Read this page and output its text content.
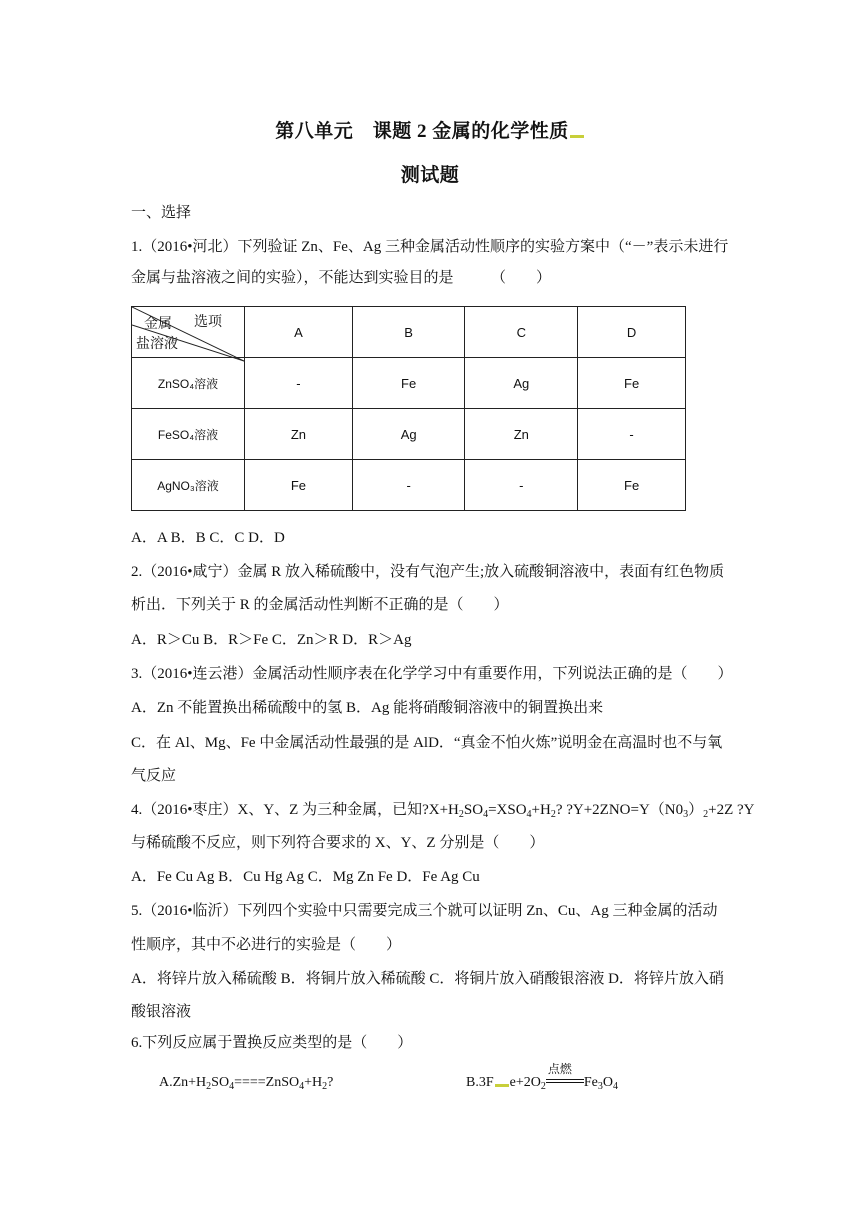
第八单元　课题 2 金属的化学性质
测试题
一、选择
1.（2016•河北）下列验证 Zn、Fe、Ag 三种金属活动性顺序的实验方案中（“－”表示未进行
金属与盐溶液之间的实验），不能达到实验目的是　　　（　　）
金属 选项
盐溶液	A	B	C	D
ZnSO₄溶液	-	Fe	Ag	Fe
FeSO₄溶液	Zn	Ag	Zn	-
AgNO₃溶液	Fe	-	-	Fe
A．A B．B C．C D．D
2.（2016•咸宁）金属 R 放入稀硫酸中，没有气泡产生;放入硫酸铜溶液中，表面有红色物质
析出．下列关于 R 的金属活动性判断不正确的是（　　）
A．R＞Cu B．R＞Fe C．Zn＞R D．R＞Ag
3.（2016•连云港）金属活动性顺序表在化学学习中有重要作用，下列说法正确的是（　　）
A．Zn 不能置换出稀硫酸中的氢 B．Ag 能将硝酸铜溶液中的铜置换出来
C．在 Al、Mg、Fe 中金属活动性最强的是 AlD．“真金不怕火炼”说明金在高温时也不与氧
气反应
4.（2016•枣庄）X、Y、Z 为三种金属，已知$?X+H_2SO_4=XSO_4+H_2$? $?Y+2ZNO=Y(N0_3)_2+2Z$ ?Y
与稀硫酸不反应，则下列符合要求的 X、Y、Z 分别是（　　）
A．Fe Cu Ag B．Cu Hg Ag C．Mg Zn Fe D．Fe Ag Cu
5.（2016•临沂）下列四个实验中只需要完成三个就可以证明 Zn、Cu、Ag 三种金属的活动
性顺序，其中不必进行的实验是（　　）
A．将锌片放入稀硫酸 B．将铜片放入稀硫酸 C．将铜片放入硝酸银溶液 D．将锌片放入硝
酸银溶液
6.下列反应属于置换反应类型的是（　　）
$A.Zn+H_2SO_4====ZnSO_4+H_2$?	B.3F $e+2O_2$
点燃
$Fe_3O_4$
